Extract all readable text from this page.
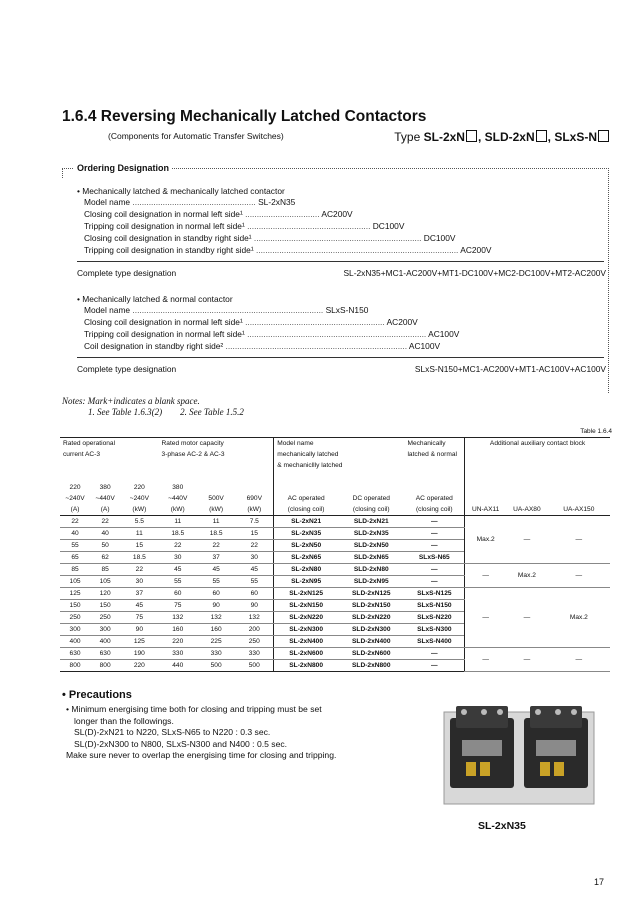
1.6.4 Reversing Mechanically Latched Contactors
(Components for Automatic Transfer Switches)	Type SL-2xN , SLD-2xN , SLxS-N
Ordering Designation
• Mechanically latched & mechanically latched contactor
Model name ..................................................... SL-2xN35
Closing coil designation in normal left side¹ ................................ AC200V
Tripping coil designation in normal left side¹ ..................................................... DC100V
Closing coil designation in standby right side¹ ........................................................................ DC100V
Tripping coil designation in standby right side¹ ....................................................................................... AC200V
Complete type designation	SL-2xN35+MC1-AC200V+MT1-DC100V+MC2-DC100V+MT2-AC200V
• Mechanically latched & normal contactor
Model name .................................................................................. SLxS-N150
Closing coil designation in normal left side¹ ............................................................ AC200V
Tripping coil designation in normal left side¹ ............................................................................. AC100V
Coil designation in standby right side² .............................................................................. AC100V
Complete type designation	SLxS-N150+MC1-AC200V+MT1-AC100V+AC100V
Notes: Mark+indicates a blank space.
1. See Table 1.6.3(2) 2. See Table 1.5.2
Table 1.6.4
Rated operational			Rated motor capacity			Model name		Mechanically	Additional auxiliary contact block		
current AC-3			3-phase AC-2 & AC-3			mechanically latched		latched & normal			
						& mechanicllly latched					

220	380	220	380								
~240V	~440V	~240V	~440V	500V	690V	AC operated	DC operated	AC operated			
(A)	(A)	(kW)	(kW)	(kW)	(kW)	(closing coil)	(closing coil)	(closing coil)	UN-AX11	UA-AX80	UA-AX150
22	22	5.5	11	11	7.5	SL-2xN21	SLD-2xN21	—	Max.2	—	—
40	40	11	18.5	18.5	15	SL-2xN35	SLD-2xN35	—			
55	50	15	22	22	22	SL-2xN50	SLD-2xN50	—			
65	62	18.5	30	37	30	SL-2xN65	SLD-2xN65	SLxS-N65			
85	85	22	45	45	45	SL-2xN80	SLD-2xN80	—	—	Max.2	—
105	105	30	55	55	55	SL-2xN95	SLD-2xN95	—			
125	120	37	60	60	60	SL-2xN125	SLD-2xN125	SLxS-N125	—	—	Max.2
150	150	45	75	90	90	SL-2xN150	SLD-2xN150	SLxS-N150			
250	250	75	132	132	132	SL-2xN220	SLD-2xN220	SLxS-N220			
300	300	90	160	160	200	SL-2xN300	SLD-2xN300	SLxS-N300			
400	400	125	220	225	250	SL-2xN400	SLD-2xN400	SLxS-N400			
630	630	190	330	330	330	SL-2xN600	SLD-2xN600	—	—	—	—
800	800	220	440	500	500	SL-2xN800	SLD-2xN800	—			
• Precautions
• Minimum energising time both for closing and tripping must be set
longer than the followings.
SL(D)-2xN21 to N220, SLxS-N65 to N220 : 0.3 sec.
SL(D)-2xN300 to N800, SLxS-N300 and N400 : 0.5 sec.
Make sure never to overlap the energising time for closing and tripping.
SL-2xN35
17
